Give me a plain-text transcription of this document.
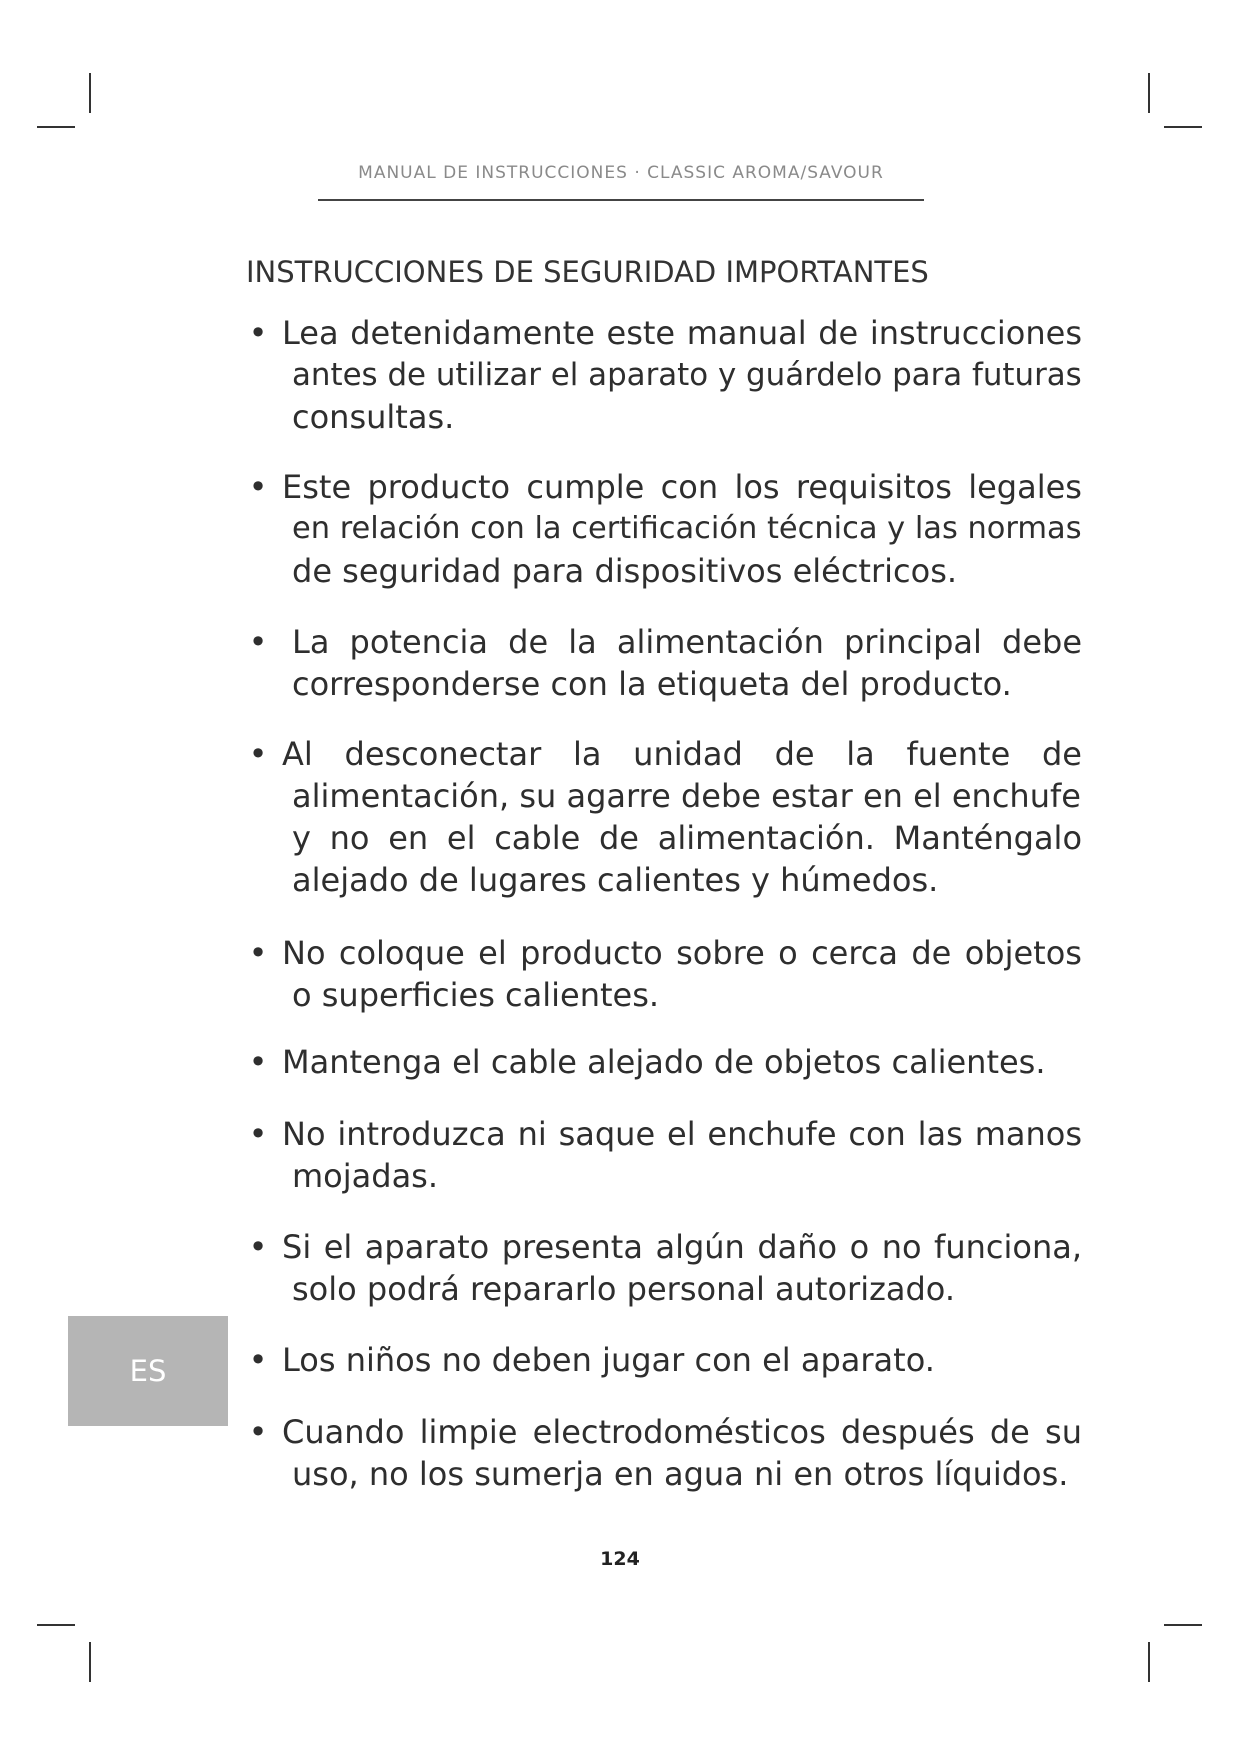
MANUAL DE INSTRUCCIONES · CLASSIC AROMA/SAVOUR
INSTRUCCIONES DE SEGURIDAD IMPORTANTES
• Lea detenidamente este manual de instrucciones
antes de utilizar el aparato y guárdelo para futuras
consultas.
• Este producto cumple con los requisitos legales
en relación con la certificación técnica y las normas
de seguridad para dispositivos eléctricos.
• La potencia de la alimentación principal debe
corresponderse con la etiqueta del producto.
• Al desconectar la unidad de la fuente de
alimentación, su agarre debe estar en el enchufe
y no en el cable de alimentación. Manténgalo
alejado de lugares calientes y húmedos.
• No coloque el producto sobre o cerca de objetos
o superficies calientes.
• Mantenga el cable alejado de objetos calientes.
• No introduzca ni saque el enchufe con las manos
mojadas.
• Si el aparato presenta algún daño o no funciona,
solo podrá repararlo personal autorizado.
• Los niños no deben jugar con el aparato.
• Cuando limpie electrodomésticos después de su
uso, no los sumerja en agua ni en otros líquidos.
ES
124
